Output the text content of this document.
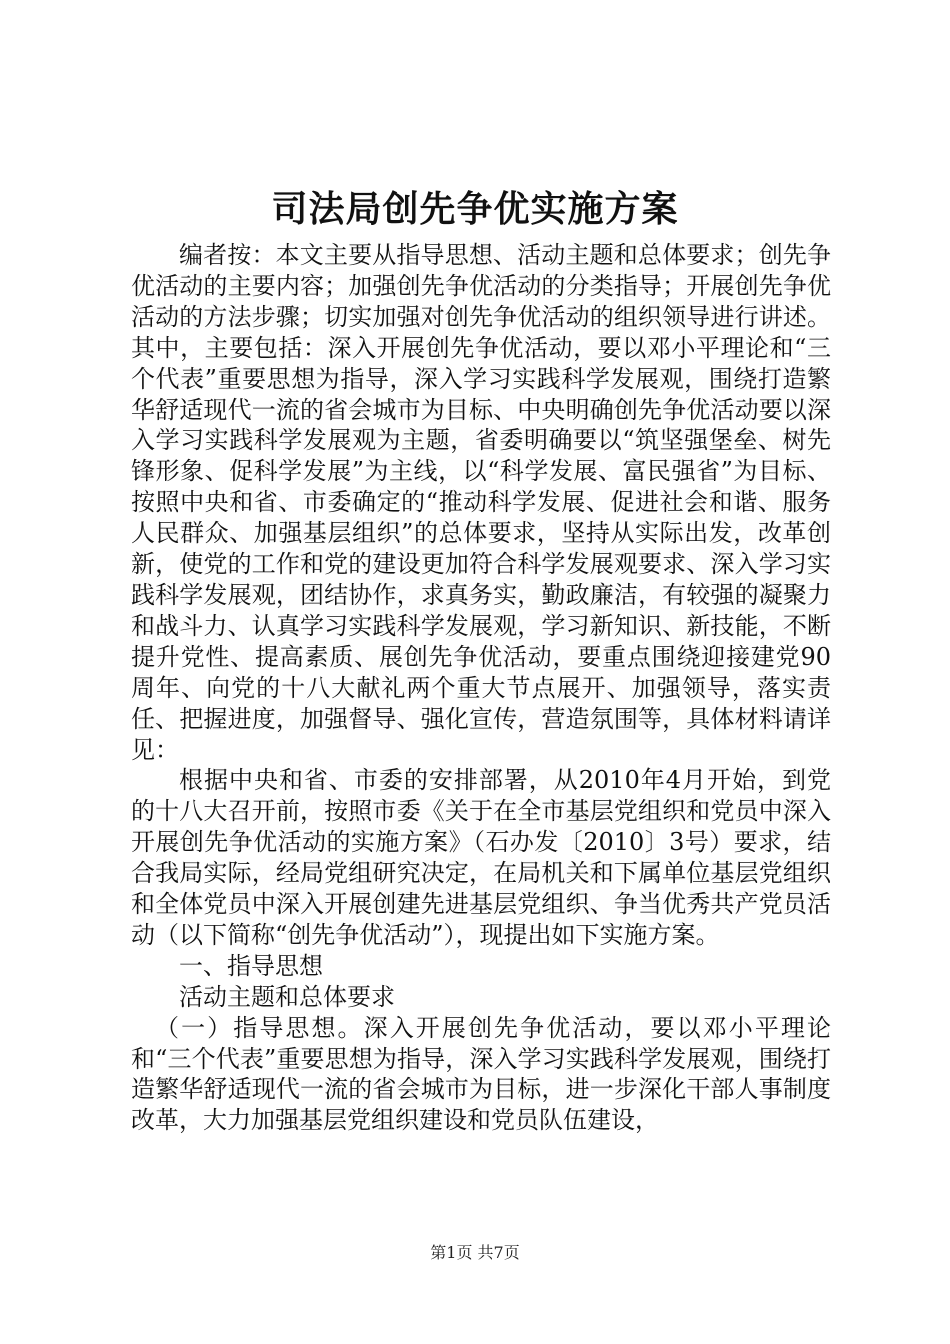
司法局创先争优实施方案

编者按：本文主要从指导思想、活动主题和总体要求；创先争优活动的主要内容；加强创先争优活动的分类指导；开展创先争优活动的方法步骤；切实加强对创先争优活动的组织领导进行讲述。其中，主要包括：深入开展创先争优活动，要以邓小平理论和“三个代表”重要思想为指导，深入学习实践科学发展观，围绕打造繁华舒适现代一流的省会城市为目标、中央明确创先争优活动要以深入学习实践科学发展观为主题，省委明确要以“筑坚强堡垒、树先锋形象、促科学发展”为主线，以“科学发展、富民强省”为目标、按照中央和省、市委确定的“推动科学发展、促进社会和谐、服务人民群众、加强基层组织”的总体要求，坚持从实际出发，改革创新，使党的工作和党的建设更加符合科学发展观要求、深入学习实践科学发展观，团结协作，求真务实，勤政廉洁，有较强的凝聚力和战斗力、认真学习实践科学发展观，学习新知识、新技能，不断提升党性、提高素质、展创先争优活动，要重点围绕迎接建党90周年、向党的十八大献礼两个重大节点展开、加强领导，落实责任、把握进度，加强督导、强化宣传，营造氛围等，具体材料请详见：

根据中央和省、市委的安排部署，从2010年4月开始，到党的十八大召开前，按照市委《关于在全市基层党组织和党员中深入开展创先争优活动的实施方案》（石办发〔2010〕3号）要求，结合我局实际，经局党组研究决定，在局机关和下属单位基层党组织和全体党员中深入开展创建先进基层党组织、争当优秀共产党员活动（以下简称“创先争优活动”），现提出如下实施方案。

一、指导思想

活动主题和总体要求

（一）指导思想。深入开展创先争优活动，要以邓小平理论和“三个代表”重要思想为指导，深入学习实践科学发展观，围绕打造繁华舒适现代一流的省会城市为目标，进一步深化干部人事制度改革，大力加强基层党组织建设和党员队伍建设，

第1页 共7页
